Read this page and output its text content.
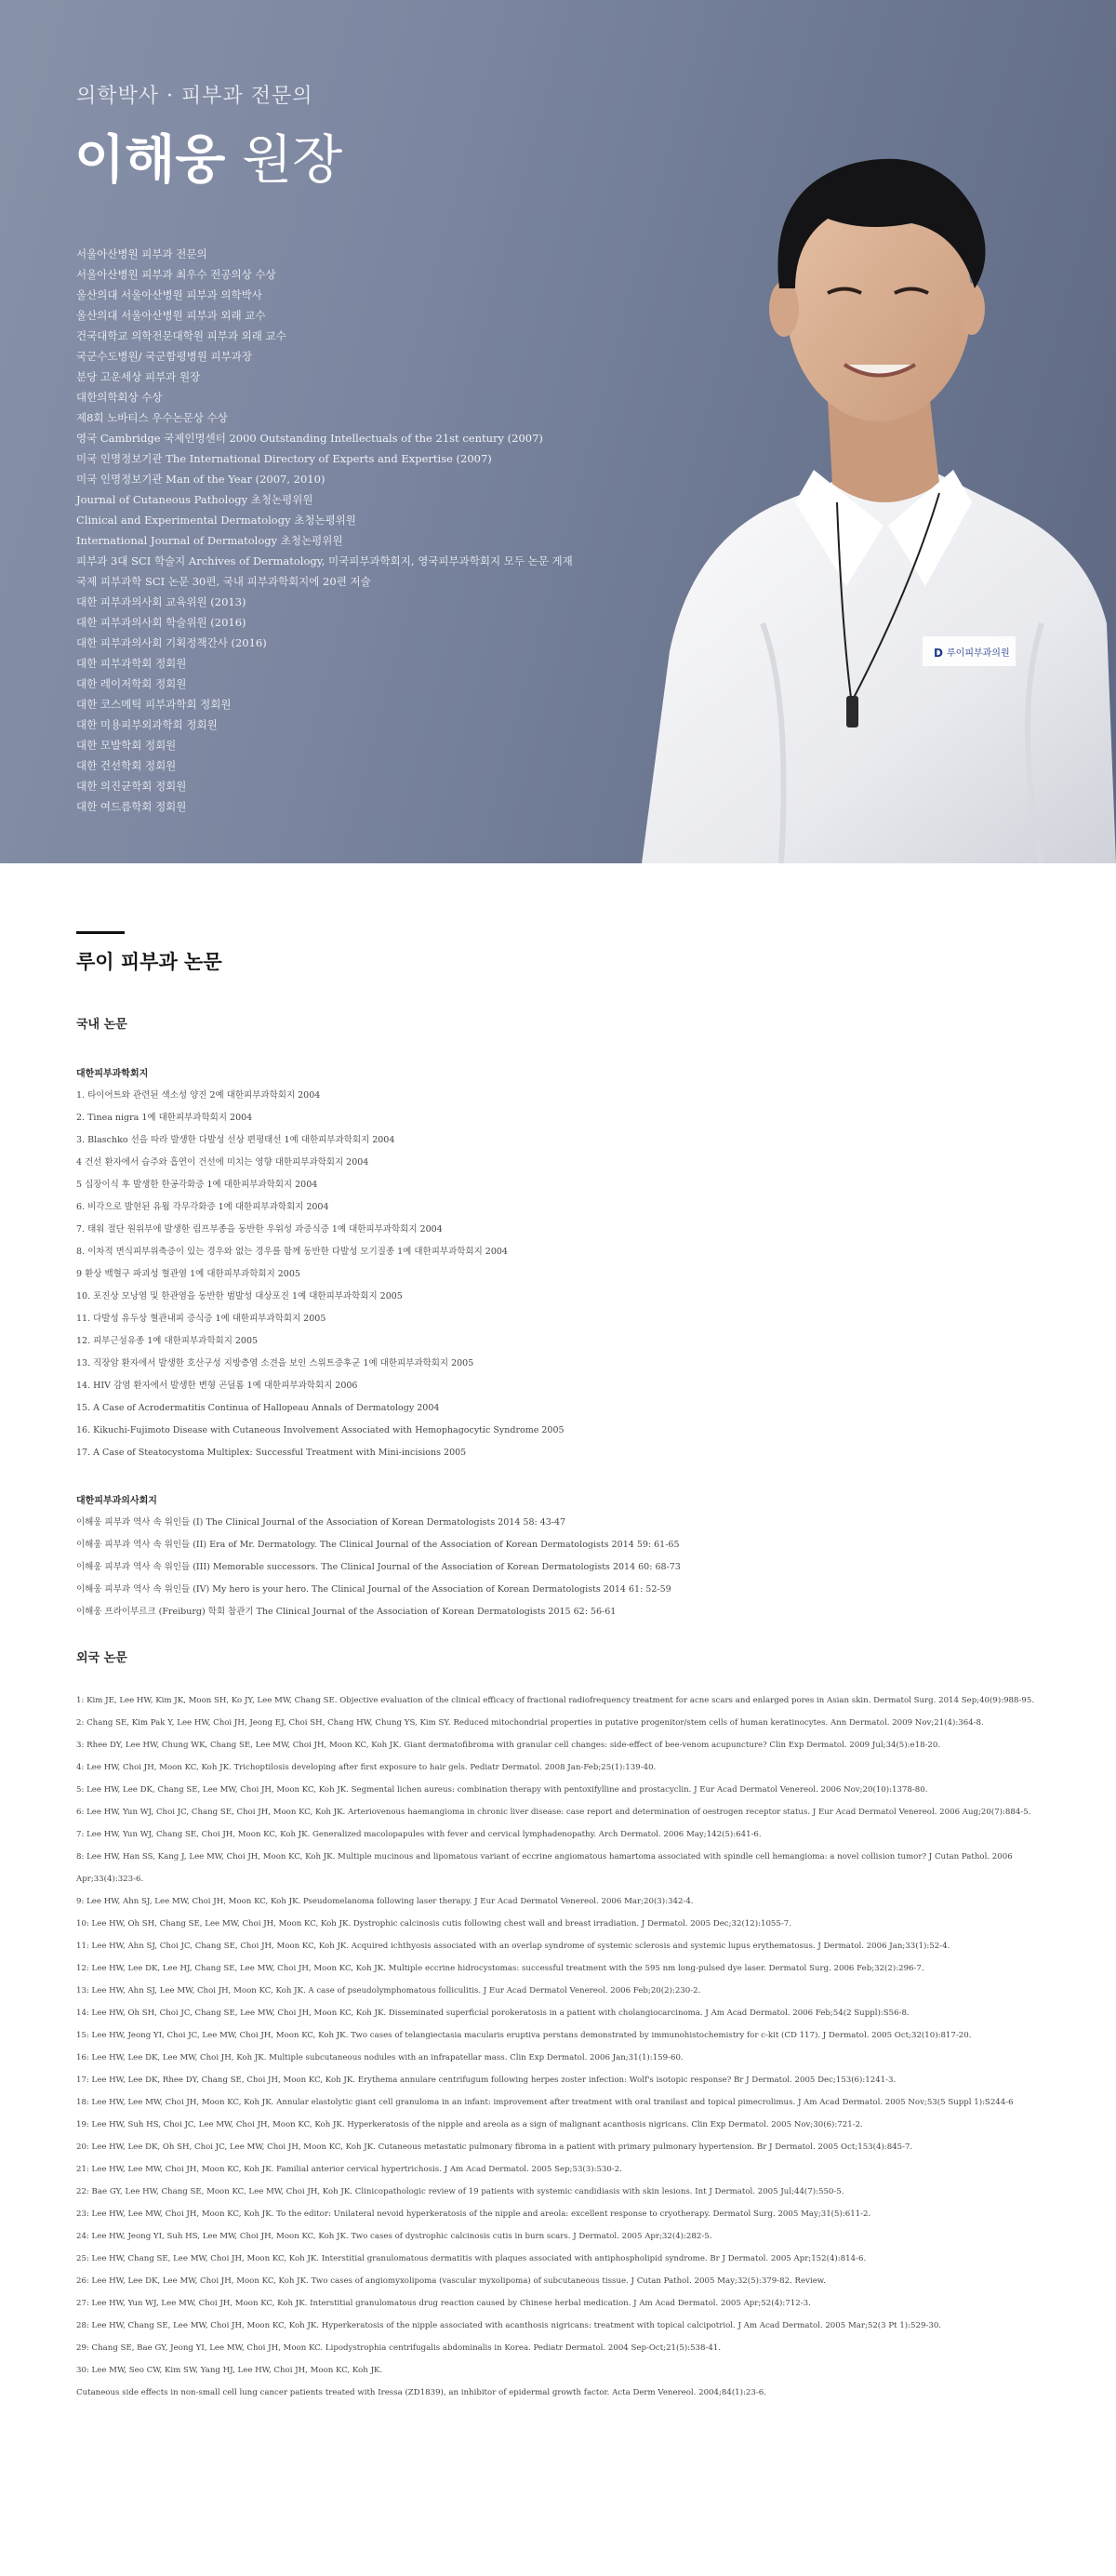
의학박사 · 피부과 전문의
이해웅 원장
서울아산병원 피부과 전문의
서울아산병원 피부과 최우수 전공의상 수상
울산의대 서울아산병원 피부과 의학박사
울산의대 서울아산병원 피부과 외래 교수
건국대학교 의학전문대학원 피부과 외래 교수
국군수도병원/ 국군함평병원 피부과장
분당 고운세상 피부과 원장
대한의학회상 수상
제8회 노바티스 우수논문상 수상
영국 Cambridge 국제인명센터 2000 Outstanding Intellectuals of the 21st century (2007)
미국 인명정보기관 The International Directory of Experts and Expertise (2007)
미국 인명정보기관 Man of the Year (2007, 2010)
Journal of Cutaneous Pathology 초청논평위원
Clinical and Experimental Dermatology 초청논평위원
International Journal of Dermatology 초청논평위원
피부과 3대 SCI 학술지 Archives of Dermatology, 미국피부과학회지, 영국피부과학회지 모두 논문 게재
국제 피부과학 SCI 논문 30편, 국내 피부과학회지에 20편 저술
대한 피부과의사회 교육위원 (2013)
대한 피부과의사회 학술위원 (2016)
대한 피부과의사회 기획정책간사 (2016)
대한 피부과학회 정회원
대한 레이저학회 정회원
대한 코스메틱 피부과학회 정회원
대한 미용피부외과학회 정회원
대한 모발학회 정회원
대한 건선학회 정회원
대한 의진균학회 정회원
대한 여드름학회 정회원
D 루이피부과의원
루이 피부과 논문
국내 논문
대한피부과학회지
1. 타이어트와 관련된 색소성 양진 2예 대한피부과학회지 2004
2. Tinea nigra 1예 대한피부과학회지 2004
3. Blaschko 선을 따라 발생한 다발성 선상 편평태선 1예 대한피부과학회지 2004
4 건선 환자에서 습주와 흡연이 건선에 미치는 영향 대한피부과학회지 2004
5 십장이식 후 발생한 한공각화증 1예 대한피부과학회지 2004
6. 비각으로 발현된 유웜 각무각화증 1예 대한피부과학회지 2004
7. 태워 절단 원위부에 발생한 림프부종을 동반한 우위성 과증식증 1예 대한피부과학회지 2004
8. 이차적 면식피부위축증이 있는 경우와 없는 경우를 함께 동반한 다발성 모기질종 1예 대한피부과학회지 2004
9 환상 백혈구 파괴성 혈관염 1예 대한피부과학회지 2005
10. 포진상 모낭염 및 한관염을 동반한 범발성 대상포진 1예 대한피부과학회지 2005
11. 다발성 유두상 혈관내피 증식증 1예 대한피부과학회지 2005
12. 피부근섬유종 1예 대한피부과학회지 2005
13. 직장암 환자에서 발생한 호산구성 지방층염 소견을 보인 스위트증후군 1예 대한피부과학회지 2005
14. HIV 감염 환자에서 발생한 변형 곤딜롬 1예 대한피부과학회지 2006
15. A Case of Acrodermatitis Continua of Hallopeau Annals of Dermatology 2004
16. Kikuchi-Fujimoto Disease with Cutaneous Involvement Associated with Hemophagocytic Syndrome 2005
17. A Case of Steatocystoma Multiplex: Successful Treatment with Mini-incisions 2005
대한피부과의사회지
이해웅 피부과 역사 속 위인들 (I) The Clinical Journal of the Association of Korean Dermatologists 2014 58: 43-47
이해웅 피부과 역사 속 위인들 (II) Era of Mr. Dermatology. The Clinical Journal of the Association of Korean Dermatologists 2014 59: 61-65
이해웅 피부과 역사 속 위인들 (III) Memorable successors. The Clinical Journal of the Association of Korean Dermatologists 2014 60: 68-73
이해웅 피부과 역사 속 위인들 (IV) My hero is your hero. The Clinical Journal of the Association of Korean Dermatologists 2014 61: 52-59
이해웅 프라이부르크 (Freiburg) 학회 참관기 The Clinical Journal of the Association of Korean Dermatologists 2015 62: 56-61
외국 논문
1: Kim JE, Lee HW, Kim JK, Moon SH, Ko JY, Lee MW, Chang SE. Objective evaluation of the clinical efficacy of fractional radiofrequency treatment for acne scars and enlarged pores in Asian skin. Dermatol Surg. 2014 Sep;40(9):988-95.
2: Chang SE, Kim Pak Y, Lee HW, Choi JH, Jeong EJ, Choi SH, Chang HW, Chung YS, Kim SY. Reduced mitochondrial properties in putative progenitor/stem cells of human keratinocytes. Ann Dermatol. 2009 Nov;21(4):364-8.
3: Rhee DY, Lee HW, Chung WK, Chang SE, Lee MW, Choi JH, Moon KC, Koh JK. Giant dermatofibroma with granular cell changes: side-effect of bee-venom acupuncture? Clin Exp Dermatol. 2009 Jul;34(5):e18-20.
4: Lee HW, Choi JH, Moon KC, Koh JK. Trichoptilosis developing after first exposure to hair gels. Pediatr Dermatol. 2008 Jan-Feb;25(1):139-40.
5: Lee HW, Lee DK, Chang SE, Lee MW, Choi JH, Moon KC, Koh JK. Segmental lichen aureus: combination therapy with pentoxifylline and prostacyclin. J Eur Acad Dermatol Venereol. 2006 Nov;20(10):1378-80.
6: Lee HW, Yun WJ, Choi JC, Chang SE, Choi JH, Moon KC, Koh JK. Arteriovenous haemangioma in chronic liver disease: case report and determination of oestrogen receptor status. J Eur Acad Dermatol Venereol. 2006 Aug;20(7):884-5.
7: Lee HW, Yun WJ, Chang SE, Choi JH, Moon KC, Koh JK. Generalized macolopapules with fever and cervical lymphadenopathy. Arch Dermatol. 2006 May;142(5):641-6.
8: Lee HW, Han SS, Kang J, Lee MW, Choi JH, Moon KC, Koh JK. Multiple mucinous and lipomatous variant of eccrine angiomatous hamartoma associated with spindle cell hemangioma: a novel collision tumor? J Cutan Pathol. 2006 Apr;33(4):323-6.
9: Lee HW, Ahn SJ, Lee MW, Choi JH, Moon KC, Koh JK. Pseudomelanoma following laser therapy. J Eur Acad Dermatol Venereol. 2006 Mar;20(3):342-4.
10: Lee HW, Oh SH, Chang SE, Lee MW, Choi JH, Moon KC, Koh JK. Dystrophic calcinosis cutis following chest wall and breast irradiation. J Dermatol. 2005 Dec;32(12):1055-7.
11: Lee HW, Ahn SJ, Choi JC, Chang SE, Choi JH, Moon KC, Koh JK. Acquired ichthyosis associated with an overlap syndrome of systemic sclerosis and systemic lupus erythematosus. J Dermatol. 2006 Jan;33(1):52-4.
12: Lee HW, Lee DK, Lee HJ, Chang SE, Lee MW, Choi JH, Moon KC, Koh JK. Multiple eccrine hidrocystomas: successful treatment with the 595 nm long-pulsed dye laser. Dermatol Surg. 2006 Feb;32(2):296-7.
13: Lee HW, Ahn SJ, Lee MW, Choi JH, Moon KC, Koh JK. A case of pseudolymphomatous folliculitis. J Eur Acad Dermatol Venereol. 2006 Feb;20(2):230-2.
14: Lee HW, Oh SH, Choi JC, Chang SE, Lee MW, Choi JH, Moon KC, Koh JK. Disseminated superficial porokeratosis in a patient with cholangiocarcinoma. J Am Acad Dermatol. 2006 Feb;54(2 Suppl):S56-8.
15: Lee HW, Jeong YI, Choi JC, Lee MW, Choi JH, Moon KC, Koh JK. Two cases of telangiectasia macularis eruptiva perstans demonstrated by immunohistochemistry for c-kit (CD 117). J Dermatol. 2005 Oct;32(10):817-20.
16: Lee HW, Lee DK, Lee MW, Choi JH, Koh JK. Multiple subcutaneous nodules with an infrapatellar mass. Clin Exp Dermatol. 2006 Jan;31(1):159-60.
17: Lee HW, Lee DK, Rhee DY, Chang SE, Choi JH, Moon KC, Koh JK. Erythema annulare centrifugum following herpes zoster infection: Wolf's isotopic response? Br J Dermatol. 2005 Dec;153(6):1241-3.
18: Lee HW, Lee MW, Choi JH, Moon KC, Koh JK. Annular elastolytic giant cell granuloma in an infant: improvement after treatment with oral tranilast and topical pimecrolimus. J Am Acad Dermatol. 2005 Nov;53(5 Suppl 1):S244-6
19: Lee HW, Suh HS, Choi JC, Lee MW, Choi JH, Moon KC, Koh JK. Hyperkeratosis of the nipple and areola as a sign of malignant acanthosis nigricans. Clin Exp Dermatol. 2005 Nov;30(6):721-2.
20: Lee HW, Lee DK, Oh SH, Choi JC, Lee MW, Choi JH, Moon KC, Koh JK. Cutaneous metastatic pulmonary fibroma in a patient with primary pulmonary hypertension. Br J Dermatol. 2005 Oct;153(4):845-7.
21: Lee HW, Lee MW, Choi JH, Moon KC, Koh JK. Familial anterior cervical hypertrichosis. J Am Acad Dermatol. 2005 Sep;53(3):530-2.
22: Bae GY, Lee HW, Chang SE, Moon KC, Lee MW, Choi JH, Koh JK. Clinicopathologic review of 19 patients with systemic candidiasis with skin lesions. Int J Dermatol. 2005 Jul;44(7):550-5.
23: Lee HW, Lee MW, Choi JH, Moon KC, Koh JK. To the editor: Unilateral nevoid hyperkeratosis of the nipple and areola: excellent response to cryotherapy. Dermatol Surg. 2005 May;31(5):611-2.
24: Lee HW, Jeong YI, Suh HS, Lee MW, Choi JH, Moon KC, Koh JK. Two cases of dystrophic calcinosis cutis in burn scars. J Dermatol. 2005 Apr;32(4):282-5.
25: Lee HW, Chang SE, Lee MW, Choi JH, Moon KC, Koh JK. Interstitial granulomatous dermatitis with plaques associated with antiphospholipid syndrome. Br J Dermatol. 2005 Apr;152(4):814-6.
26: Lee HW, Lee DK, Lee MW, Choi JH, Moon KC, Koh JK. Two cases of angiomyxolipoma (vascular myxolipoma) of subcutaneous tissue. J Cutan Pathol. 2005 May;32(5):379-82. Review.
27: Lee HW, Yun WJ, Lee MW, Choi JH, Moon KC, Koh JK. Interstitial granulomatous drug reaction caused by Chinese herbal medication. J Am Acad Dermatol. 2005 Apr;52(4):712-3.
28: Lee HW, Chang SE, Lee MW, Choi JH, Moon KC, Koh JK. Hyperkeratosis of the nipple associated with acanthosis nigricans: treatment with topical calcipotriol. J Am Acad Dermatol. 2005 Mar;52(3 Pt 1):529-30.
29: Chang SE, Bae GY, Jeong YI, Lee MW, Choi JH, Moon KC. Lipodystrophia centrifugalis abdominalis in Korea. Pediatr Dermatol. 2004 Sep-Oct;21(5):538-41.
30: Lee MW, Seo CW, Kim SW, Yang HJ, Lee HW, Choi JH, Moon KC, Koh JK.
Cutaneous side effects in non-small cell lung cancer patients treated with Iressa (ZD1839), an inhibitor of epidermal growth factor. Acta Derm Venereol. 2004;84(1):23-6.
